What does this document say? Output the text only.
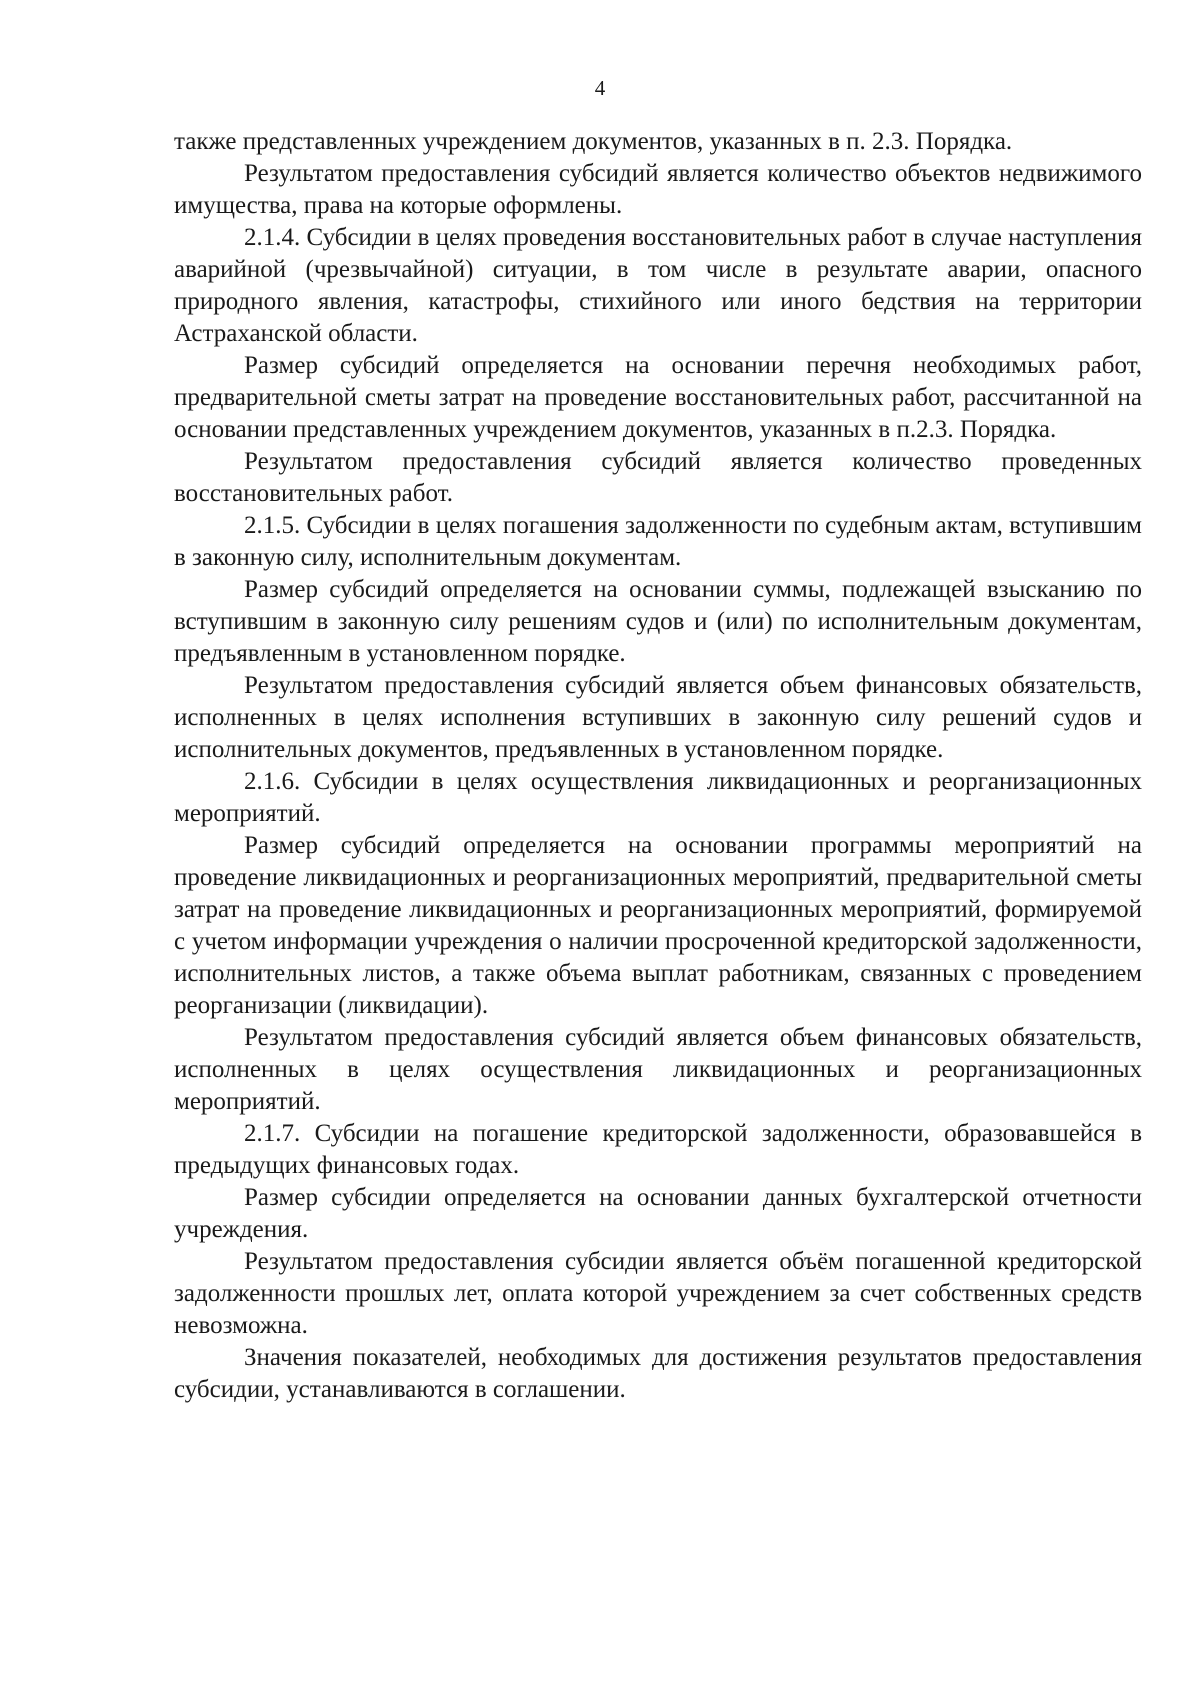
4

также представленных учреждением документов, указанных в п. 2.3. Порядка.

Результатом предоставления субсидий является количество объектов недвижимого имущества, права на которые оформлены.

2.1.4. Субсидии в целях проведения восстановительных работ в случае наступления аварийной (чрезвычайной) ситуации, в том числе в результате аварии, опасного природного явления, катастрофы, стихийного или иного бедствия на территории Астраханской области.

Размер субсидий определяется на основании перечня необходимых работ, предварительной сметы затрат на проведение восстановительных работ, рассчитанной на основании представленных учреждением документов, указанных в п.2.3. Порядка.

Результатом предоставления субсидий является количество проведенных восстановительных работ.

2.1.5. Субсидии в целях погашения задолженности по судебным актам, вступившим в законную силу, исполнительным документам.

Размер субсидий определяется на основании суммы, подлежащей взысканию по вступившим в законную силу решениям судов и (или) по исполнительным документам, предъявленным в установленном порядке.

Результатом предоставления субсидий является объем финансовых обязательств, исполненных в целях исполнения вступивших в законную силу решений судов и исполнительных документов, предъявленных в установленном порядке.

2.1.6. Субсидии в целях осуществления ликвидационных и реорганизационных мероприятий.

Размер субсидий определяется на основании программы мероприятий на проведение ликвидационных и реорганизационных мероприятий, предварительной сметы затрат на проведение ликвидационных и реорганизационных мероприятий, формируемой с учетом информации учреждения о наличии просроченной кредиторской задолженности, исполнительных листов, а также объема выплат работникам, связанных с проведением реорганизации (ликвидации).

Результатом предоставления субсидий является объем финансовых обязательств, исполненных в целях осуществления ликвидационных и реорганизационных мероприятий.

2.1.7. Субсидии на погашение кредиторской задолженности, образовавшейся в предыдущих финансовых годах.

Размер субсидии определяется на основании данных бухгалтерской отчетности учреждения.

Результатом предоставления субсидии является объём погашенной кредиторской задолженности прошлых лет, оплата которой учреждением за счет собственных средств невозможна.

Значения показателей, необходимых для достижения результатов предоставления субсидии, устанавливаются в соглашении.
